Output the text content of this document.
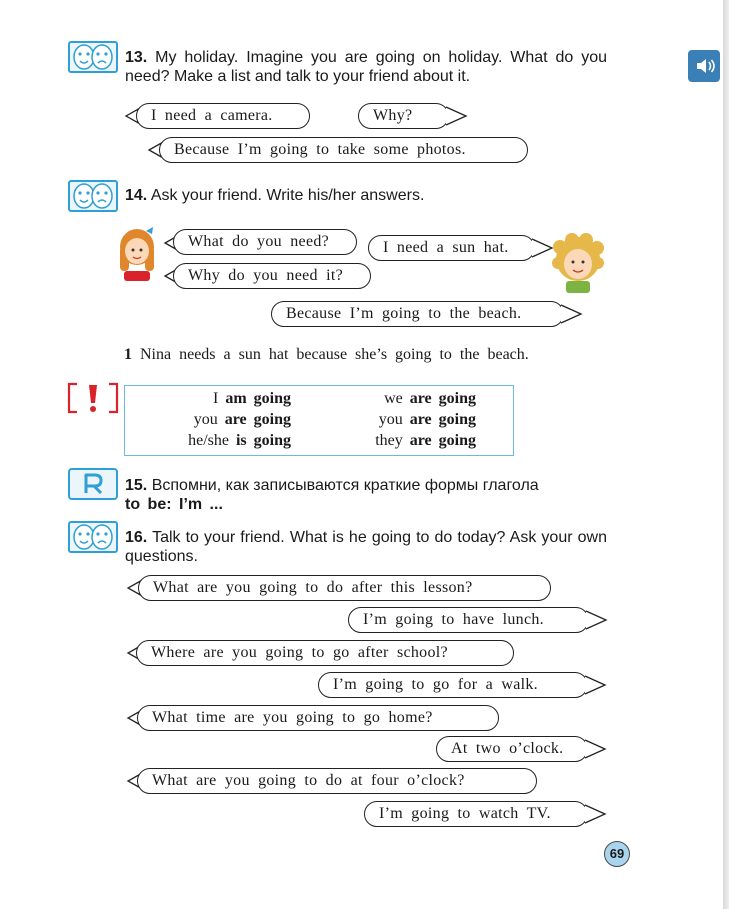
13. My holiday. Imagine you are going on holiday. What do you need? Make a list and talk to your friend about it.
I need a camera.	Why?
Because I’m going to take some photos.
14. Ask your friend. Write his/her answers.
What do you need?	I need a sun hat.
Why do you need it?
Because I’m going to the beach.
1 Nina needs a sun hat because she’s going to the beach.
I am going	we are going
you are going	you are going
he/she is going	they are going
15. Вспомни, как записываются краткие формы глагола
to be: I’m ...
16. Talk to your friend. What is he going to do today? Ask your own questions.
What are you going to do after this lesson?
I’m going to have lunch.
Where are you going to go after school?
I’m going to go for a walk.
What time are you going to go home?
At two o’clock.
What are you going to do at four o’clock?
I’m going to watch TV.
69
